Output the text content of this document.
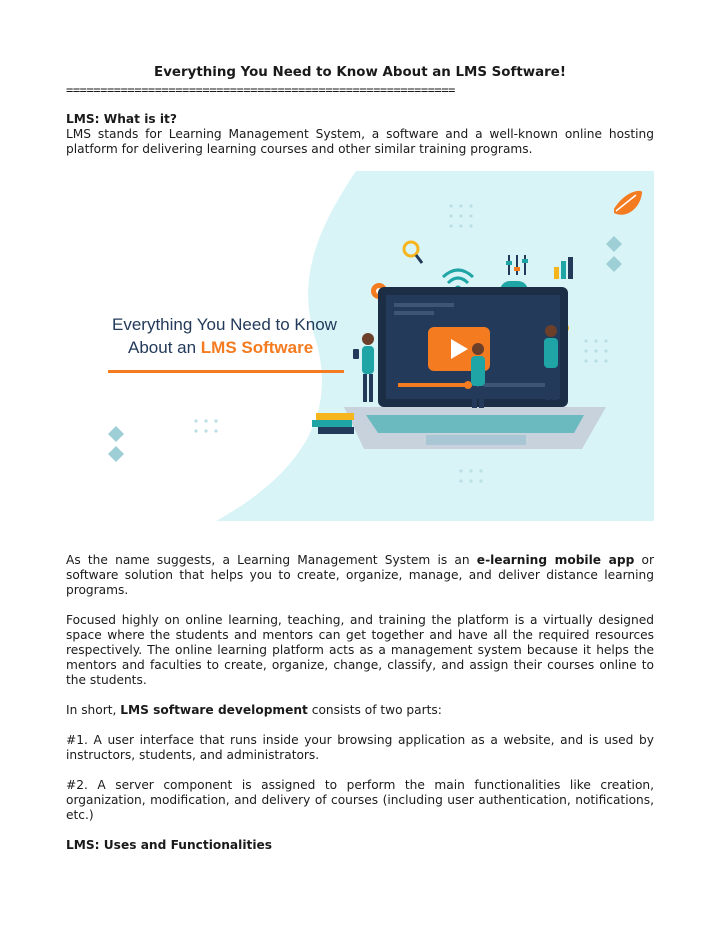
Everything You Need to Know About an LMS Software!
=========================================================

LMS: What is it?

LMS stands for Learning Management System, a software and a well-known online hosting platform for delivering learning courses and other similar training programs.

Everything You Need to Know
About an LMS Software

As the name suggests, a Learning Management System is an e-learning mobile app or software solution that helps you to create, organize, manage, and deliver distance learning programs.

Focused highly on online learning, teaching, and training the platform is a virtually designed space where the students and mentors can get together and have all the required resources respectively. The online learning platform acts as a management system because it helps the mentors and faculties to create, organize, change, classify, and assign their courses online to the students.

In short, LMS software development consists of two parts:

#1. A user interface that runs inside your browsing application as a website, and is used by instructors, students, and administrators.

#2. A server component is assigned to perform the main functionalities like creation, organization, modification, and delivery of courses (including user authentication, notifications, etc.)

LMS: Uses and Functionalities
